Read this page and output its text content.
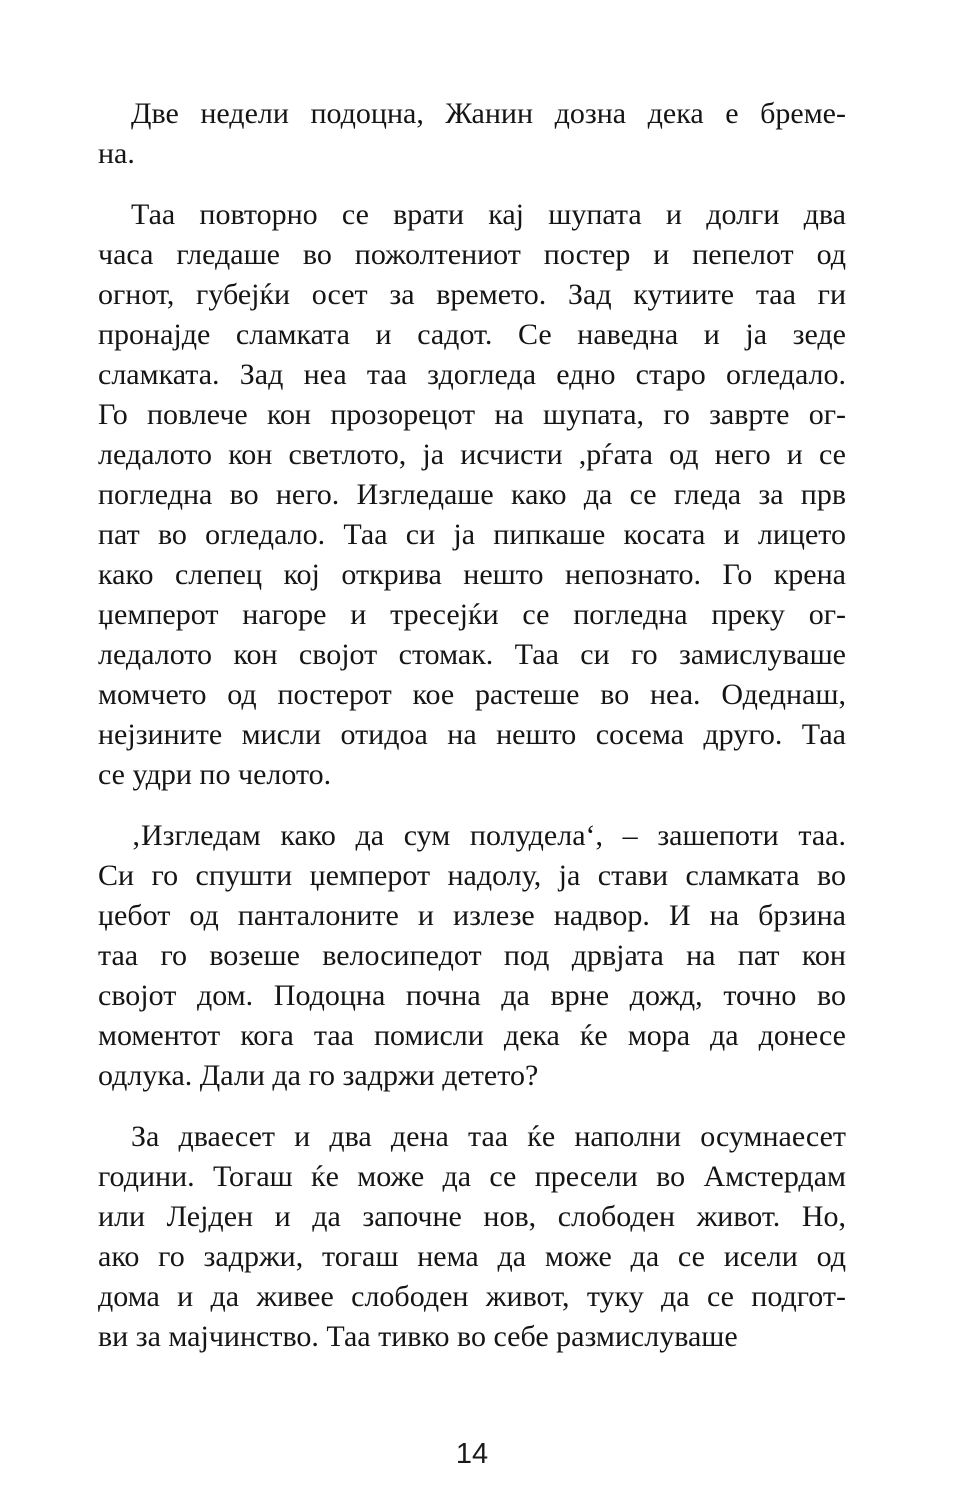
Две недели подоцна, Жанин дозна дека е бреме-
на.
Таа повторно се врати кај шупата и долги два
часа гледаше во пожолтениот постер и пепелот од
огнот, губејќи осет за времето. Зад кутиите таа ги
пронајде сламката и садот. Се наведна и ја зеде
сламката. Зад неа таа здогледа едно старо огледало.
Го повлече кон прозорецот на шупата, го заврте ог-
ледалото кон светлото, ја исчисти ,рѓата од него и се
погледна во него. Изгледаше како да се гледа за прв
пат во огледало. Таа си ја пипкаше косата и лицето
како слепец кој открива нешто непознато. Го крена
џемперот нагоре и тресејќи се погледна преку ог-
ледалото кон својот стомак. Таа си го замислуваше
момчето од постерот кое растеше во неа. Одеднаш,
нејзините мисли отидоа на нешто сосема друго. Таа
се удри по челото.
‚Изгледам како да сум полудела‘, – зашепоти таа.
Си го спушти џемперот надолу, ја стави сламката во
џебот од панталоните и излезе надвор. И на брзина
таа го возеше велосипедот под дрвјата на пат кон
својот дом. Подоцна почна да врне дожд, точно во
моментот кога таа помисли дека ќе мора да донесе
одлука. Дали да го задржи детето?
За дваесет и два дена таа ќе наполни осумнаесет
години. Тогаш ќе може да се пресели во Амстердам
или Лејден и да започне нов, слободен живот. Но,
ако го задржи, тогаш нема да може да се исели од
дома и да живее слободен живот, туку да се подгот-
ви за мајчинство. Таа тивко во себе размислуваше
14
